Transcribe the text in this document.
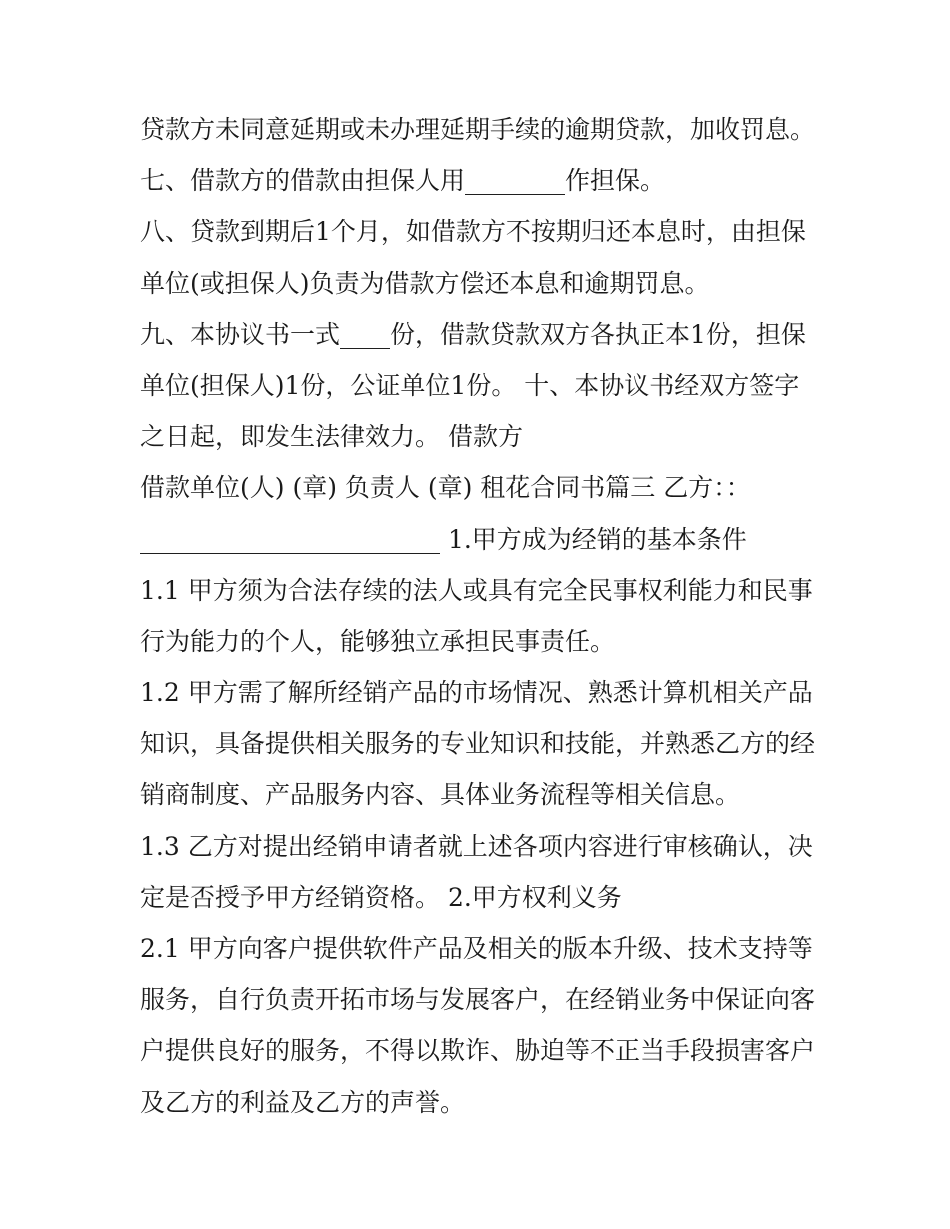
贷款方未同意延期或未办理延期手续的逾期贷款，加收罚息。
七、借款方的借款由担保人用________作担保。
八、贷款到期后1个月，如借款方不按期归还本息时，由担保
单位(或担保人)负责为借款方偿还本息和逾期罚息。
九、本协议书一式____份，借款贷款双方各执正本1份，担保
单位(担保人)1份，公证单位1份。 十、本协议书经双方签字
之日起，即发生法律效力。 借款方
借款单位(人) (章) 负责人 (章) 租花合同书篇三 乙方：：
________________________ 1.甲方成为经销的基本条件
1.1 甲方须为合法存续的法人或具有完全民事权利能力和民事
行为能力的个人，能够独立承担民事责任。
1.2 甲方需了解所经销产品的市场情况、熟悉计算机相关产品
知识，具备提供相关服务的专业知识和技能，并熟悉乙方的经
销商制度、产品服务内容、具体业务流程等相关信息。
1.3 乙方对提出经销申请者就上述各项内容进行审核确认，决
定是否授予甲方经销资格。 2.甲方权利义务
2.1 甲方向客户提供软件产品及相关的版本升级、技术支持等
服务，自行负责开拓市场与发展客户，在经销业务中保证向客
户提供良好的服务，不得以欺诈、胁迫等不正当手段损害客户
及乙方的利益及乙方的声誉。
